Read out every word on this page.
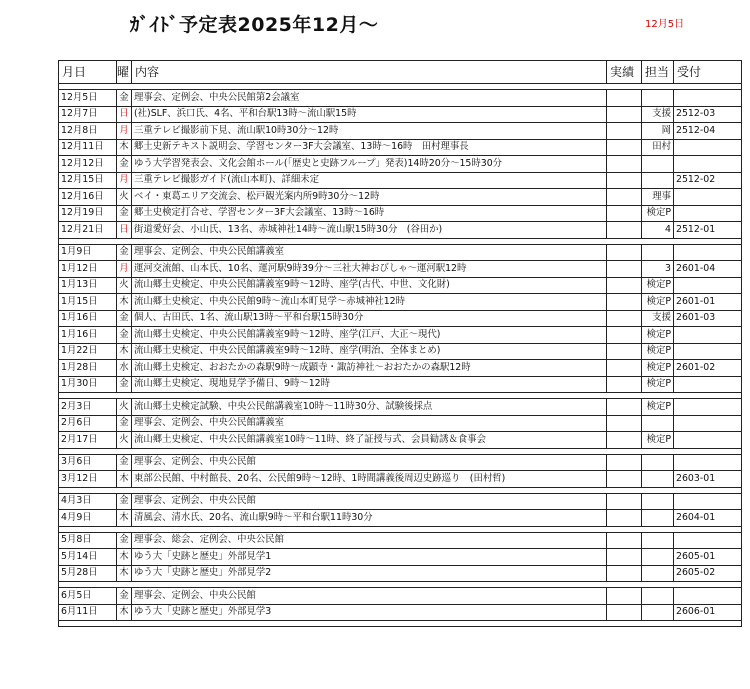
ｶﾞｲﾄﾞ予定表2025年12月～	12月5日
月日	曜	内容	実績	担当	受付

12月5日	金	理事会、定例会、中央公民館第2会議室			
12月7日	日	(社)SLF、浜口氏、4名、平和台駅13時～流山駅15時		支援	2512-03
12月8日	月	三重テレビ撮影前下見、流山駅10時30分～12時		岡	2512-04
12月11日	木	郷土史新テキスト説明会、学習センター3F大会議室、13時～16時　田村理事長		田村	
12月12日	金	ゆう大学習発表会、文化会館ホール(「歴史と史跡フループ」発表)14時20分～15時30分			
12月15日	月	三重テレビ撮影ガイド(流山本町)、詳細未定			2512-02
12月16日	火	ベイ・東葛エリア交流会、松戸観光案内所9時30分～12時		理事	
12月19日	金	郷土史検定打合せ、学習センター3F大会議室、13時～16時		検定P	
12月21日	日	街道愛好会、小山氏、13名、赤城神社14時～流山駅15時30分　(谷田か)		4	2512-01

1月9日	金	理事会、定例会、中央公民館講義室			
1月12日	月	運河交流館、山本氏、10名、運河駅9時39分～三社大神おびしゃ～運河駅12時		3	2601-04
1月13日	火	流山郷土史検定、中央公民館講義室9時～12時、座学(古代、中世、文化財)		検定P	
1月15日	木	流山郷土史検定、中央公民館9時～流山本町見学～赤城神社12時		検定P	2601-01
1月16日	金	個人、古田氏、1名、流山駅13時～平和台駅15時30分		支援	2601-03
1月16日	金	流山郷土史検定、中央公民館講義室9時～12時、座学(江戸、大正～現代)		検定P	
1月22日	木	流山郷土史検定、中央公民館講義室9時～12時、座学(明治、全体まとめ)		検定P	
1月28日	水	流山郷土史検定、おおたかの森駅9時～成顕寺・諏訪神社～おおたかの森駅12時		検定P	2601-02
1月30日	金	流山郷土史検定、現地見学予備日、9時～12時		検定P	

2月3日	火	流山郷土史検定試験、中央公民館講義室10時～11時30分、試験後採点		検定P	
2月6日	金	理事会、定例会、中央公民館講義室			
2月17日	火	流山郷土史検定、中央公民館講義室10時～11時、終了証授与式、会員勧誘＆食事会		検定P	

3月6日	金	理事会、定例会、中央公民館			
3月12日	木	東部公民館、中村館長、20名、公民館9時～12時、1時間講義後周辺史跡巡り　(田村哲)			2603-01

4月3日	金	理事会、定例会、中央公民館			
4月9日	木	清風会、清水氏、20名、流山駅9時～平和台駅11時30分			2604-01

5月8日	金	理事会、総会、定例会、中央公民館			
5月14日	木	ゆう大「史跡と歴史」外部見学1			2605-01
5月28日	木	ゆう大「史跡と歴史」外部見学2			2605-02

6月5日	金	理事会、定例会、中央公民館			
6月11日	木	ゆう大「史跡と歴史」外部見学3			2606-01
